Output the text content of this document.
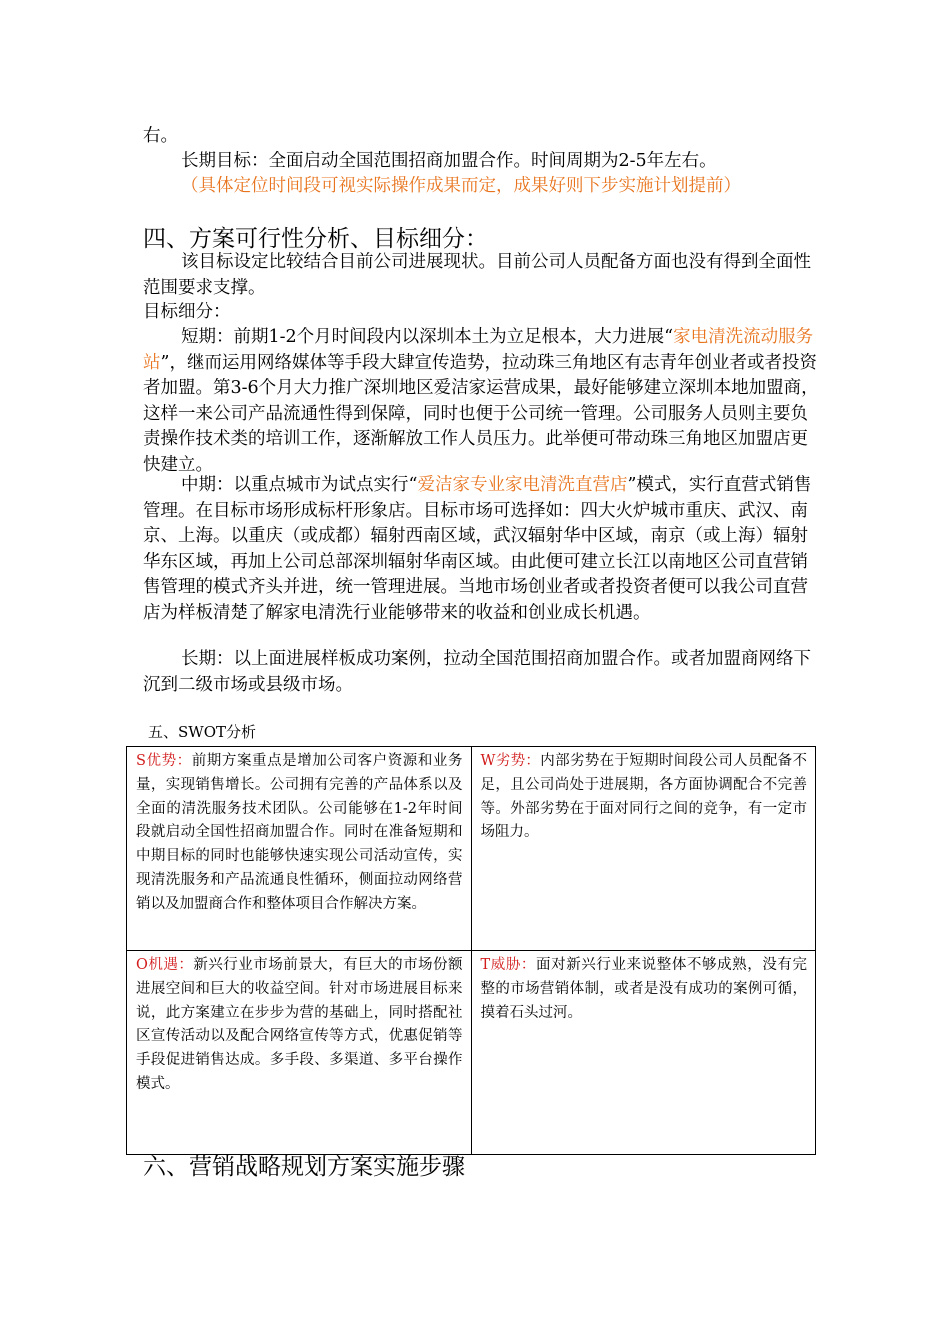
右。

长期目标：全面启动全国范围招商加盟合作。时间周期为2-5年左右。

（具体定位时间段可视实际操作成果而定，成果好则下步实施计划提前）

四、方案可行性分析、目标细分：

该目标设定比较结合目前公司进展现状。目前公司人员配备方面也没有得到全面性范围要求支撑。

目标细分：

短期：前期1-2个月时间段内以深圳本土为立足根本，大力进展“家电清洗流动服务站”，继而运用网络媒体等手段大肆宣传造势，拉动珠三角地区有志青年创业者或者投资者加盟。第3-6个月大力推广深圳地区爱洁家运营成果，最好能够建立深圳本地加盟商，这样一来公司产品流通性得到保障，同时也便于公司统一管理。公司服务人员则主要负责操作技术类的培训工作，逐渐解放工作人员压力。此举便可带动珠三角地区加盟店更快建立。

中期：以重点城市为试点实行“爱洁家专业家电清洗直营店”模式，实行直营式销售管理。在目标市场形成标杆形象店。目标市场可选择如：四大火炉城市重庆、武汉、南京、上海。以重庆（或成都）辐射西南区域，武汉辐射华中区域，南京（或上海）辐射华东区域，再加上公司总部深圳辐射华南区域。由此便可建立长江以南地区公司直营销售管理的模式齐头并进，统一管理进展。当地市场创业者或者投资者便可以我公司直营店为样板清楚了解家电清洗行业能够带来的收益和创业成长机遇。

长期：以上面进展样板成功案例，拉动全国范围招商加盟合作。或者加盟商网络下沉到二级市场或县级市场。

五、SWOT分析

S优势：前期方案重点是增加公司客户资源和业务量，实现销售增长。公司拥有完善的产品体系以及全面的清洗服务技术团队。公司能够在1-2年时间段就启动全国性招商加盟合作。同时在准备短期和中期目标的同时也能够快速实现公司活动宣传，实现清洗服务和产品流通良性循环，侧面拉动网络营销以及加盟商合作和整体项目合作解决方案。	W劣势：内部劣势在于短期时间段公司人员配备不足，且公司尚处于进展期，各方面协调配合不完善等。外部劣势在于面对同行之间的竞争，有一定市场阻力。
O机遇：新兴行业市场前景大，有巨大的市场份额进展空间和巨大的收益空间。针对市场进展目标来说，此方案建立在步步为营的基础上，同时搭配社区宣传活动以及配合网络宣传等方式，优惠促销等手段促进销售达成。多手段、多渠道、多平台操作模式。	T威胁：面对新兴行业来说整体不够成熟，没有完整的市场营销体制，或者是没有成功的案例可循，摸着石头过河。
六、营销战略规划方案实施步骤
